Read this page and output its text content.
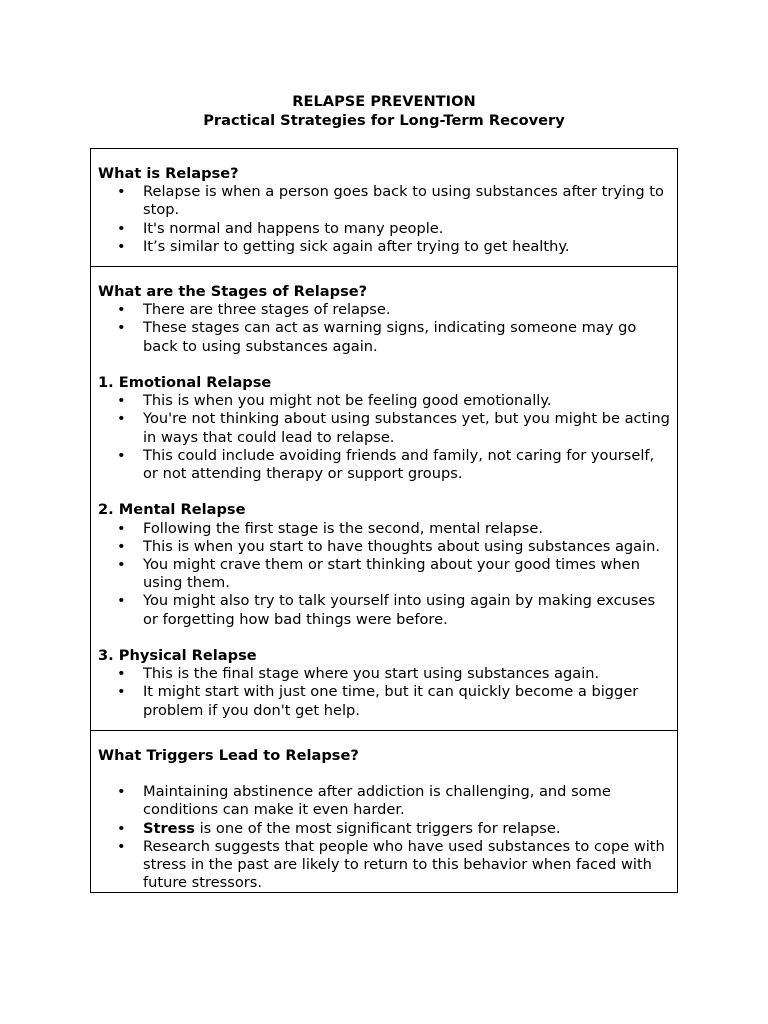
RELAPSE PREVENTION
Practical Strategies for Long-Term Recovery
What is Relapse?
• Relapse is when a person goes back to using substances after trying to stop.
• It's normal and happens to many people.
• It’s similar to getting sick again after trying to get healthy.
What are the Stages of Relapse?
• There are three stages of relapse.
• These stages can act as warning signs, indicating someone may go back to using substances again.
1. Emotional Relapse
• This is when you might not be feeling good emotionally.
• You're not thinking about using substances yet, but you might be acting in ways that could lead to relapse.
• This could include avoiding friends and family, not caring for yourself, or not attending therapy or support groups.
2. Mental Relapse
• Following the first stage is the second, mental relapse.
• This is when you start to have thoughts about using substances again.
• You might crave them or start thinking about your good times when using them.
• You might also try to talk yourself into using again by making excuses or forgetting how bad things were before.
3. Physical Relapse
• This is the final stage where you start using substances again.
• It might start with just one time, but it can quickly become a bigger problem if you don't get help.
What Triggers Lead to Relapse?
• Maintaining abstinence after addiction is challenging, and some conditions can make it even harder.
• Stress is one of the most significant triggers for relapse.
• Research suggests that people who have used substances to cope with stress in the past are likely to return to this behavior when faced with future stressors.
